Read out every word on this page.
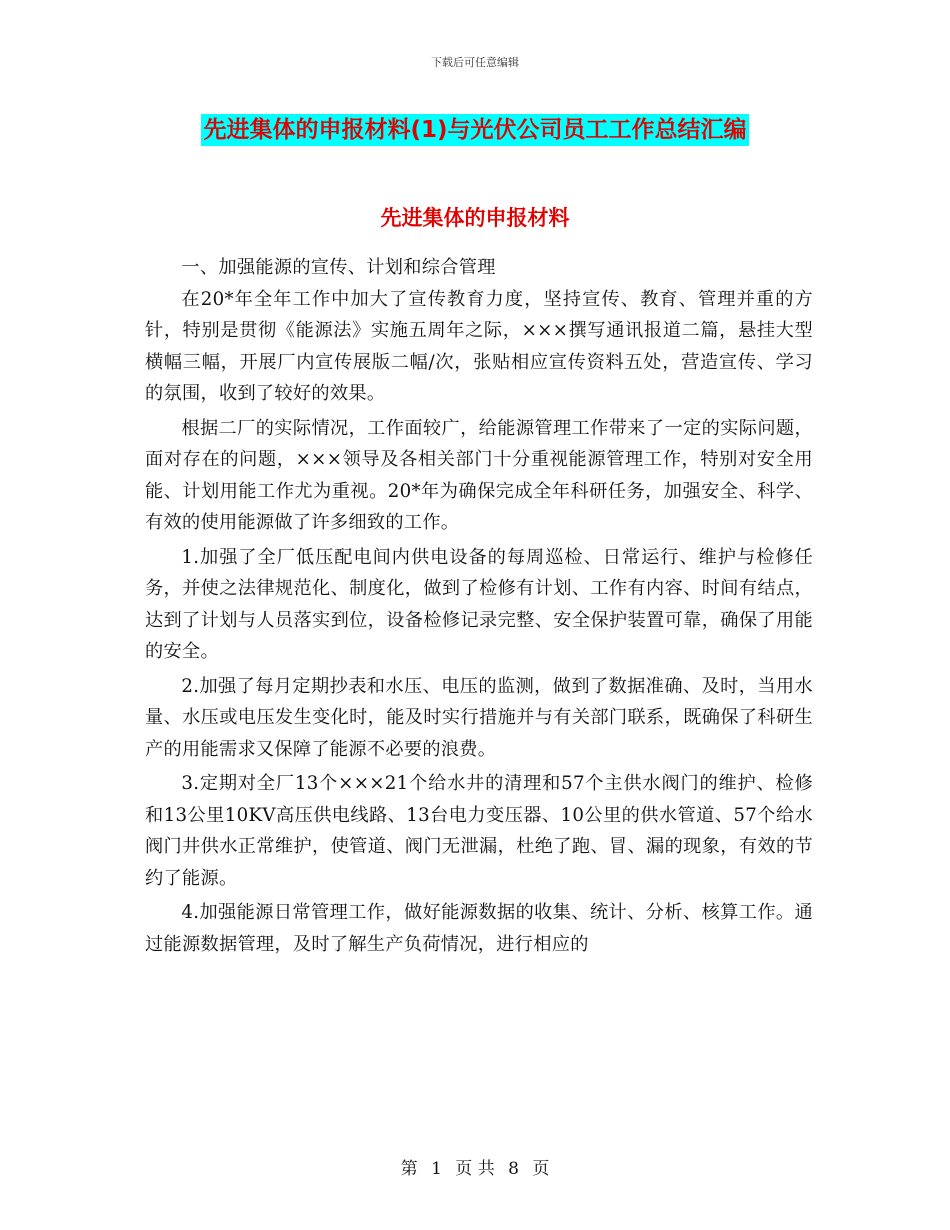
下载后可任意编辑
先进集体的申报材料(1)与光伏公司员工工作总结汇编
先进集体的申报材料

一、加强能源的宣传、计划和综合管理

在20*年全年工作中加大了宣传教育力度，坚持宣传、教育、管理并重的方针，特别是贯彻《能源法》实施五周年之际，×××撰写通讯报道二篇，悬挂大型横幅三幅，开展厂内宣传展版二幅/次，张贴相应宣传资料五处，营造宣传、学习的氛围，收到了较好的效果。

根据二厂的实际情况，工作面较广，给能源管理工作带来了一定的实际问题，面对存在的问题，×××领导及各相关部门十分重视能源管理工作，特别对安全用能、计划用能工作尤为重视。20*年为确保完成全年科研任务，加强安全、科学、有效的使用能源做了许多细致的工作。

1.加强了全厂低压配电间内供电设备的每周巡检、日常运行、维护与检修任务，并使之法律规范化、制度化，做到了检修有计划、工作有内容、时间有结点，达到了计划与人员落实到位，设备检修记录完整、安全保护装置可靠，确保了用能的安全。

2.加强了每月定期抄表和水压、电压的监测，做到了数据准确、及时，当用水量、水压或电压发生变化时，能及时实行措施并与有关部门联系，既确保了科研生产的用能需求又保障了能源不必要的浪费。

3.定期对全厂13个×××21个给水井的清理和57个主供水阀门的维护、检修和13公里10KV高压供电线路、13台电力变压器、10公里的供水管道、57个给水阀门井供水正常维护，使管道、阀门无泄漏，杜绝了跑、冒、漏的现象，有效的节约了能源。

4.加强能源日常管理工作，做好能源数据的收集、统计、分析、核算工作。通过能源数据管理，及时了解生产负荷情况，进行相应的

第 1 页 共 8 页
